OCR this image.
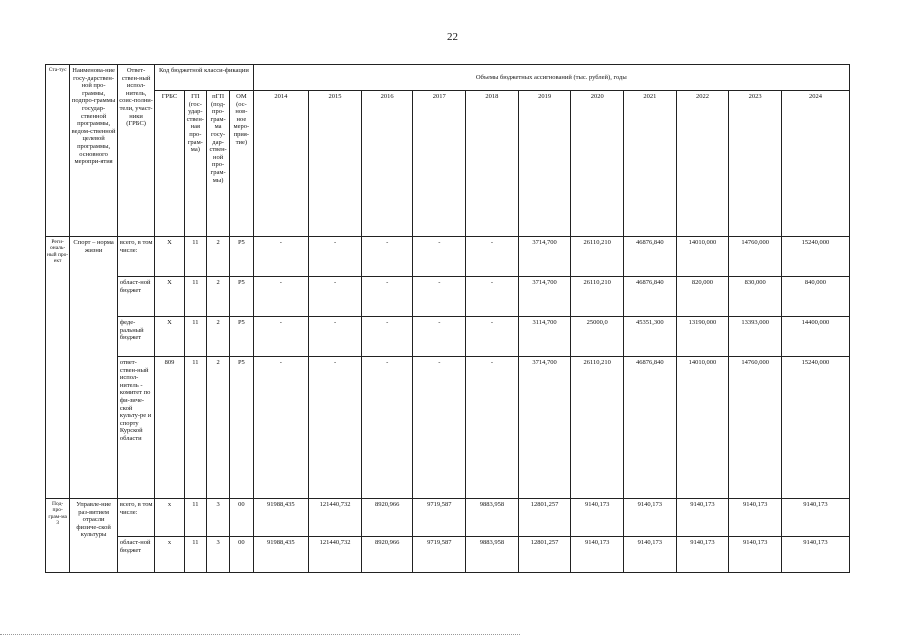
22
Ста-тус	Наименова-ние госу-дарствен-ной про-граммы, подпро-граммы государ-ственной программы, ведом-ственной целевой программы, основного меропри-ятия	Ответ-ствен-ный испол-нитель, соис-полни-тели, участ-ники (ГРБС)	Код бюджетной класси-фикации				Объемы бюджетных ассигнований (тыс. рублей), годы										
			ГРБС	ГП (гос-удар-ствен-ная про-грам-ма)	пГП (под-про-грам-ма госу-дар-ствен-ной про-грам-мы)	ОМ (ос-нов-ное меро-прия-тие)	2014	2015	2016	2017	2018	2019	2020	2021	2022	2023	2024
Реги-ональ-ный про-ект	Спорт – норма жизни	всего, в том числе:	X	11	2	P5	-	-	-	-	-	3714,700	26110,210	46876,840	14010,000	14760,000	15240,000
		област-ной бюджет	X	11	2	P5	-	-	-	-	-	3714,700	26110,210	46876,840	820,000	830,000	840,000
		феде-ральный бюджет	X	11	2	P5	-	-	-	-	-	3114,700	25000,0	45351,300	13190,000	13393,000	14400,000
		ответ-ствен-ный испол-нитель - комитет по фи-зиче-ской культу-ре и спорту Курской области	809	11	2	P5	-	-	-	-	-	3714,700	26110,210	46876,840	14010,000	14760,000	15240,000
Под-про-грам-ма 3	Управле-ние раз-витием отрасли физиче-ской культуры	всего, в том числе:	x	11	3	00	91988,435	121440,732	8920,966	9719,587	9883,958	12801,257	9140,173	9140,173	9140,173	9140,173	9140,173
		област-ной бюджет	x	11	3	00	91988,435	121440,732	8920,966	9719,587	9883,958	12801,257	9140,173	9140,173	9140,173	9140,173	9140,173
